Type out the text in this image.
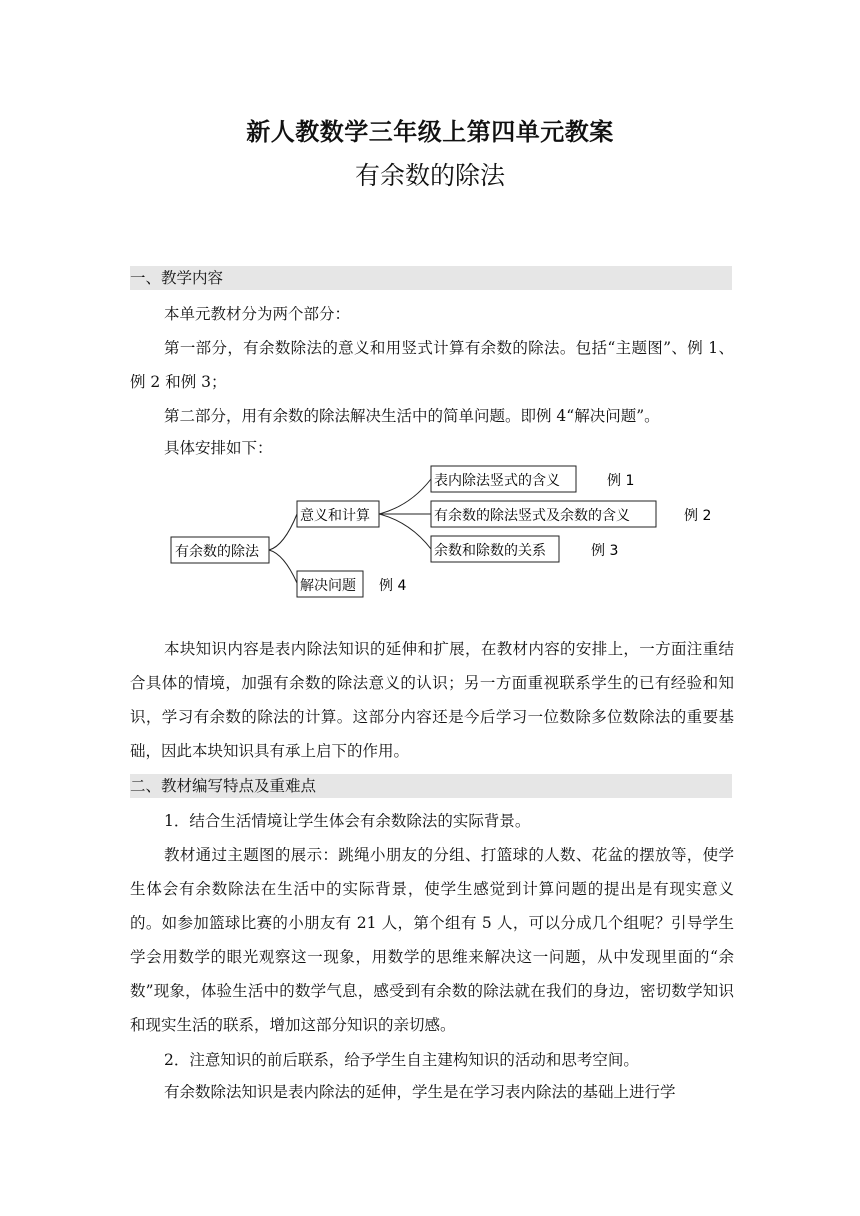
新人教数学三年级上第四单元教案
有余数的除法
一、教学内容
本单元教材分为两个部分：

第一部分，有余数除法的意义和用竖式计算有余数的除法。包括“主题图”、例 1、例 2 和例 3；

第二部分，用有余数的除法解决生活中的简单问题。即例 4“解决问题”。
具体安排如下：
有余数的除法
意义和计算
解决问题 例 4
表内除法竖式的含义	例 1
有余数的除法竖式及余数的含义	例 2
余数和除数的关系	例 3

本块知识内容是表内除法知识的延伸和扩展，在教材内容的安排上，一方面注重结合具体的情境，加强有余数的除法意义的认识；另一方面重视联系学生的已有经验和知识，学习有余数的除法的计算。这部分内容还是今后学习一位数除多位数除法的重要基础，因此本块知识具有承上启下的作用。

二、教材编写特点及重难点
1．结合生活情境让学生体会有余数除法的实际背景。

教材通过主题图的展示：跳绳小朋友的分组、打篮球的人数、花盆的摆放等，使学生体会有余数除法在生活中的实际背景，使学生感觉到计算问题的提出是有现实意义的。如参加篮球比赛的小朋友有 21 人，第个组有 5 人，可以分成几个组呢？引导学生学会用数学的眼光观察这一现象，用数学的思维来解决这一问题，从中发现里面的“余数”现象，体验生活中的数学气息，感受到有余数的除法就在我们的身边，密切数学知识和现实生活的联系，增加这部分知识的亲切感。

2．注意知识的前后联系，给予学生自主建构知识的活动和思考空间。
有余数除法知识是表内除法的延伸，学生是在学习表内除法的基础上进行学
